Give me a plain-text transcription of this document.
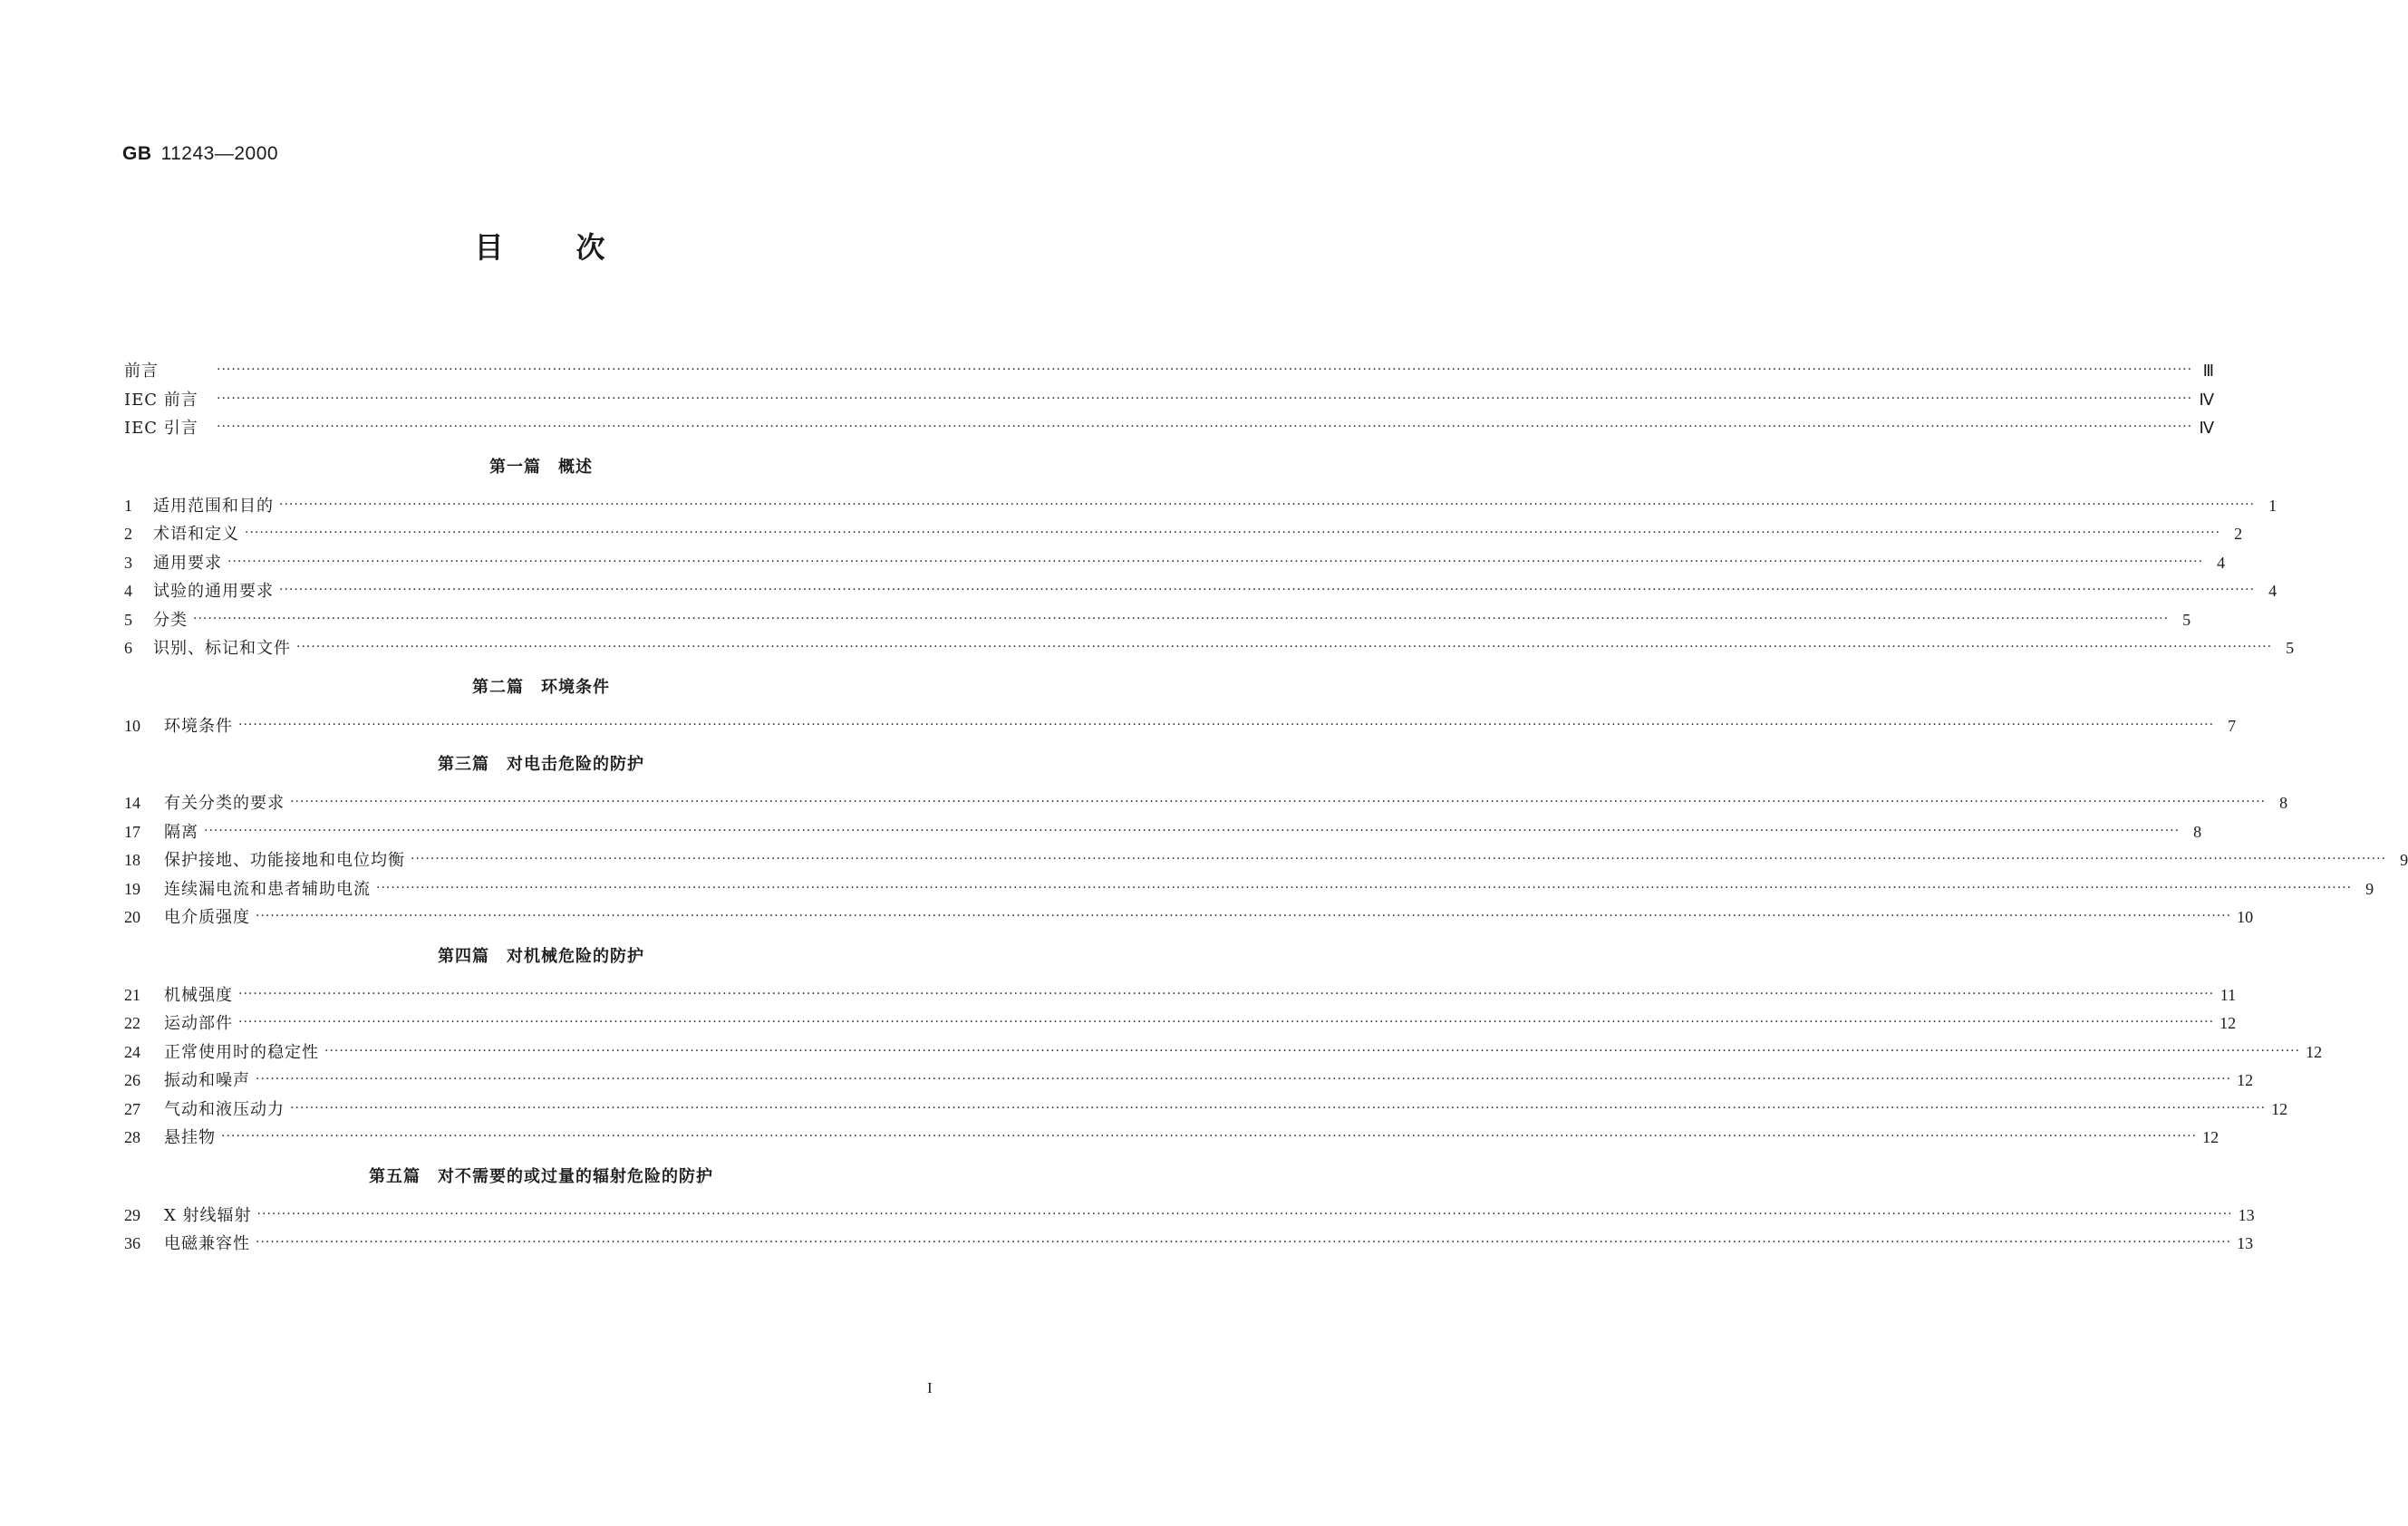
GB 11243—2000
目次
前言	················································································································································································································································································································································································································ Ⅲ
IEC 前言	················································································································································································································································································································································································································ Ⅳ
IEC 引言	················································································································································································································································································································································································································ Ⅳ
第一篇　概述
1	适用范围和目的 ················································································································································································································································································································································································································ 1
2	术语和定义 ················································································································································································································································································································································································································ 2
3	通用要求 ················································································································································································································································································································································································································ 4
4	试验的通用要求 ················································································································································································································································································································································································································ 4
5	分类 ················································································································································································································································································································································································································ 5
6	识别、标记和文件 ················································································································································································································································································································································································································ 5
第二篇　环境条件
10	环境条件 ················································································································································································································································································································································································································ 7
第三篇　对电击危险的防护
14	有关分类的要求 ················································································································································································································································································································································································································ 8
17	隔离 ················································································································································································································································································································································································································ 8
18	保护接地、功能接地和电位均衡 ················································································································································································································································································································································································································ 9
19	连续漏电流和患者辅助电流 ················································································································································································································································································································································································································ 9
20	电介质强度 ················································································································································································································································································································································································································ 10
第四篇　对机械危险的防护
21	机械强度 ················································································································································································································································································································································································································ 11
22	运动部件 ················································································································································································································································································································································································································ 12
24	正常使用时的稳定性 ················································································································································································································································································································································································································ 12
26	振动和噪声 ················································································································································································································································································································································································································ 12
27	气动和液压动力 ················································································································································································································································································································································································································ 12
28	悬挂物 ················································································································································································································································································································································································································ 12
第五篇　对不需要的或过量的辐射危险的防护
29	X 射线辐射 ················································································································································································································································································································································································································ 13
36	电磁兼容性 ················································································································································································································································································································································································································ 13
I
